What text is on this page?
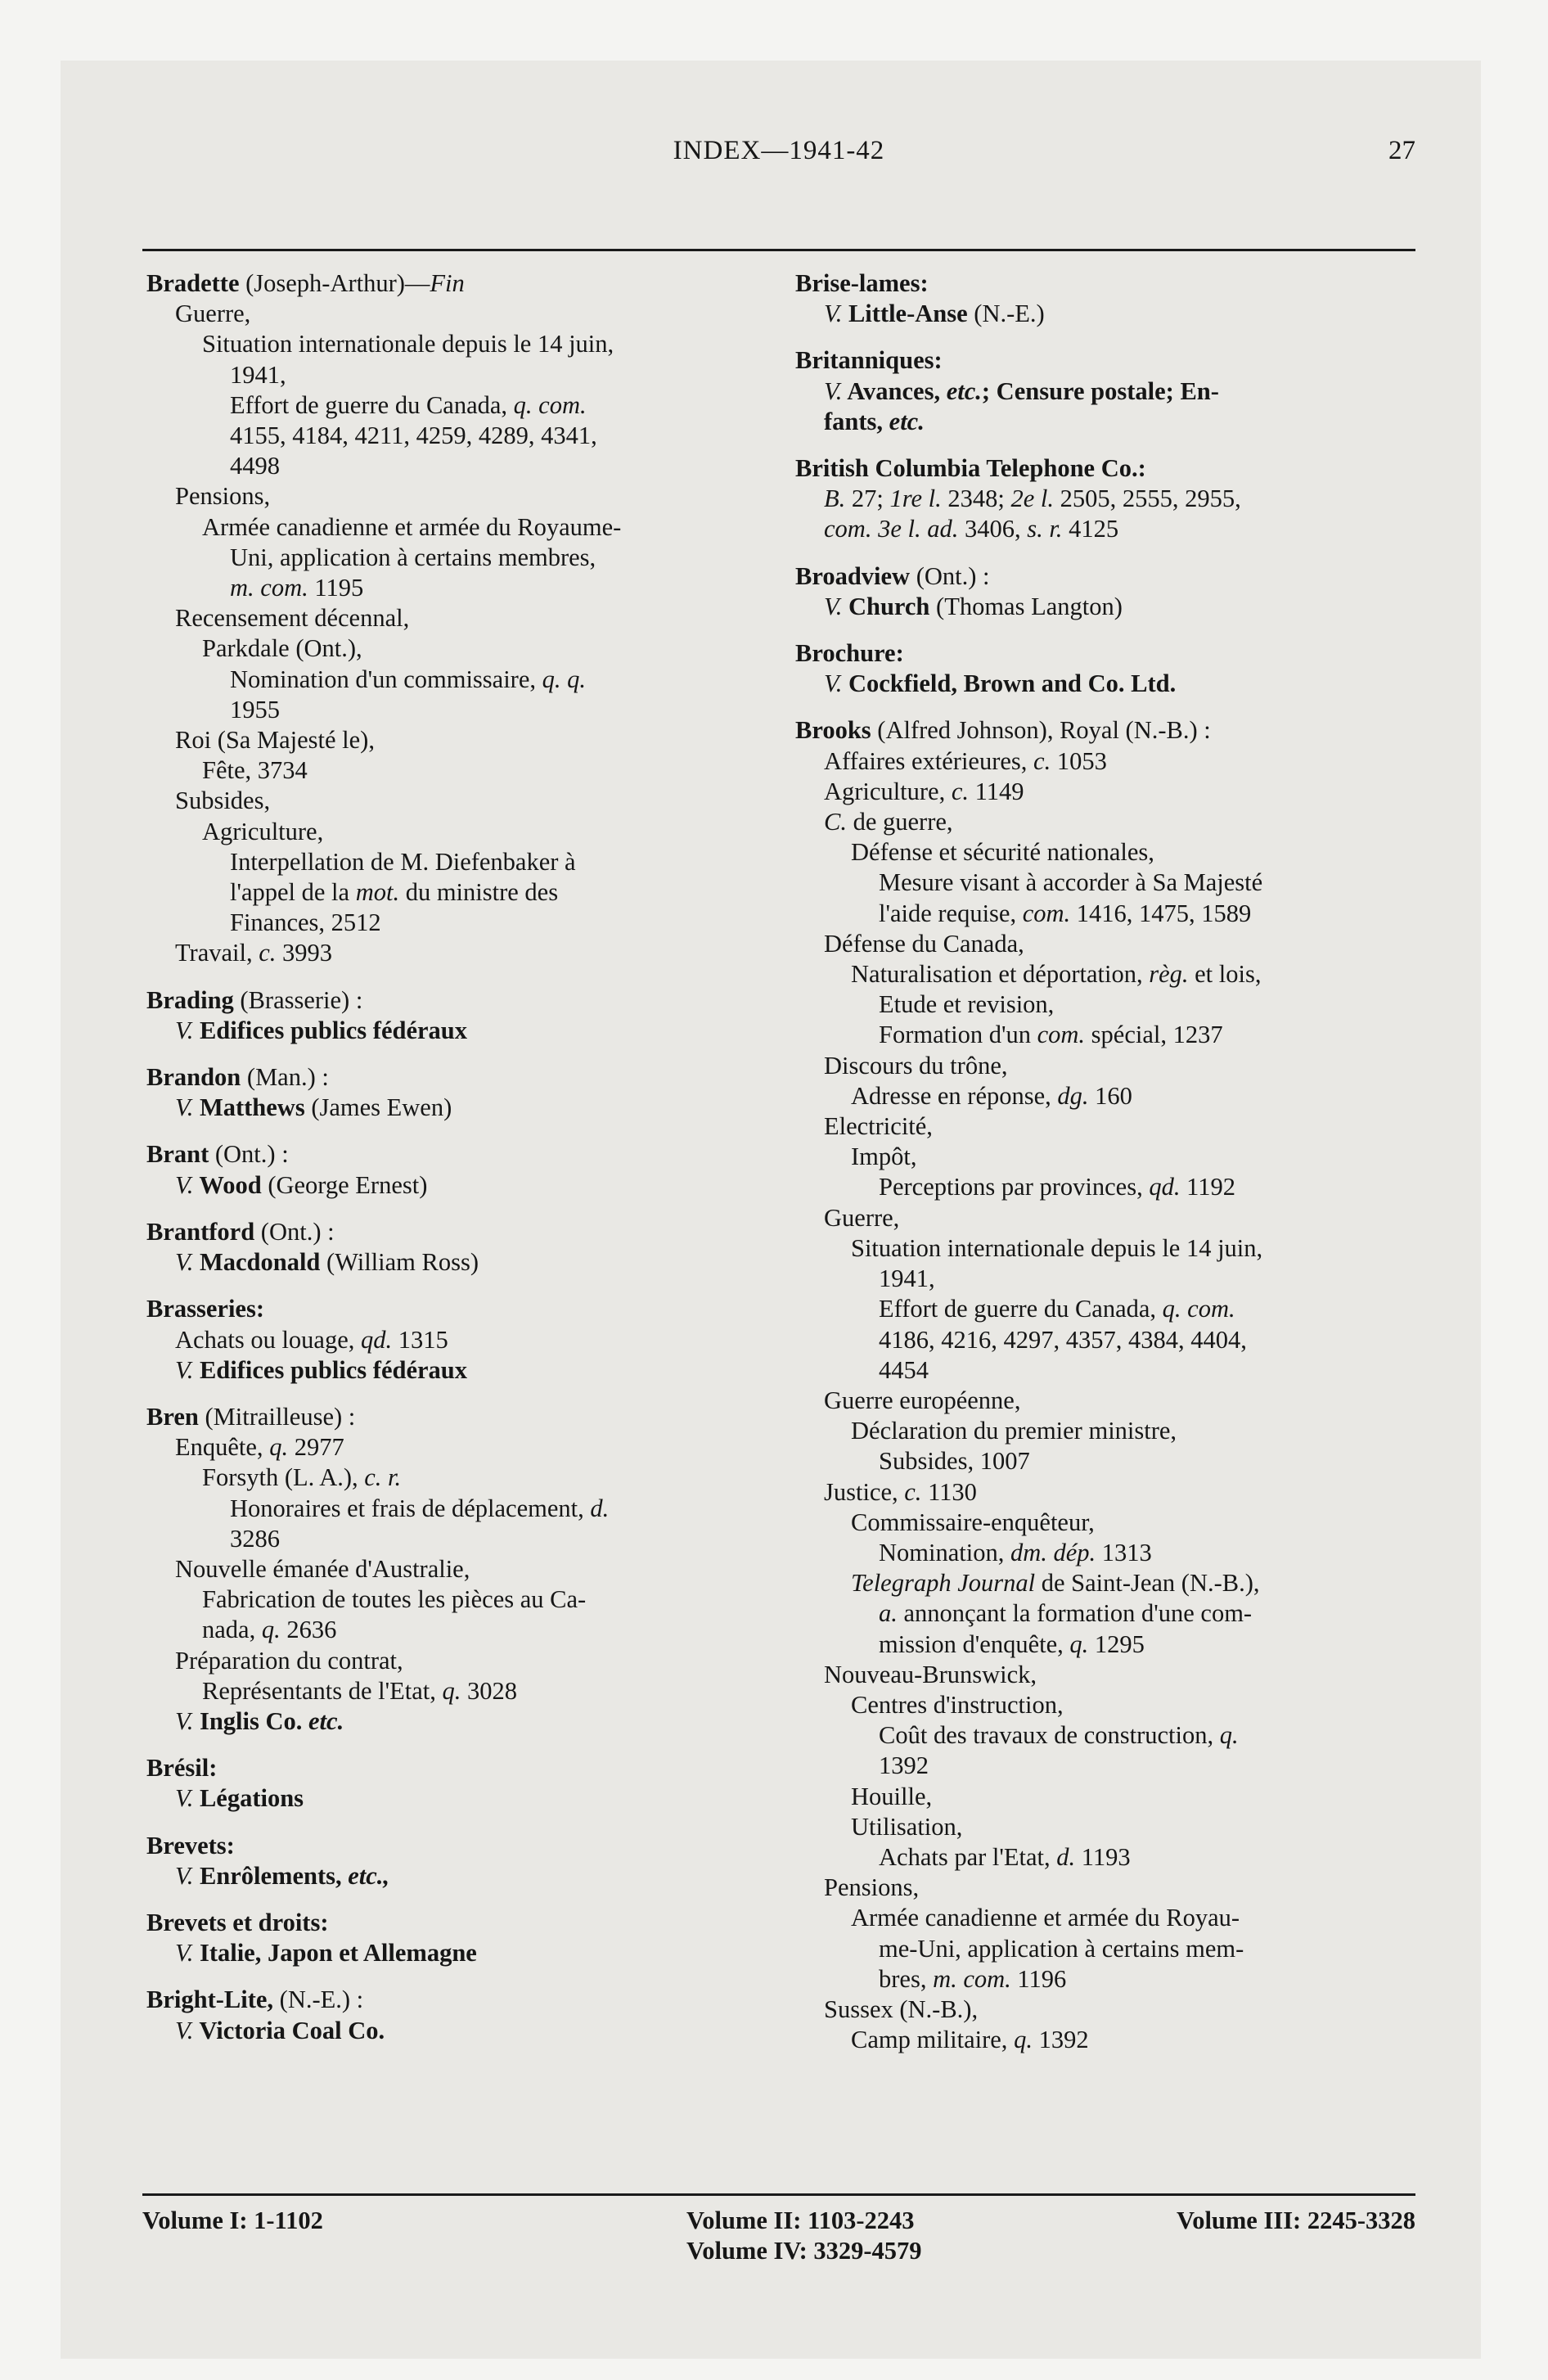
INDEX—1941-42	27
Bradette (Joseph-Arthur)—Fin
Guerre,
Situation internationale depuis le 14 juin,
1941,
Effort de guerre du Canada, q. com.
4155, 4184, 4211, 4259, 4289, 4341,
4498
Pensions,
Armée canadienne et armée du Royaume-
Uni, application à certains membres,
m. com. 1195
Recensement décennal,
Parkdale (Ont.),
Nomination d'un commissaire, q. q.
1955
Roi (Sa Majesté le),
Fête, 3734
Subsides,
Agriculture,
Interpellation de M. Diefenbaker à
l'appel de la mot. du ministre des
Finances, 2512
Travail, c. 3993
Brading (Brasserie) :
V. Edifices publics fédéraux
Brandon (Man.) :
V. Matthews (James Ewen)
Brant (Ont.) :
V. Wood (George Ernest)
Brantford (Ont.) :
V. Macdonald (William Ross)
Brasseries:
Achats ou louage, qd. 1315
V. Edifices publics fédéraux
Bren (Mitrailleuse) :
Enquête, q. 2977
Forsyth (L. A.), c. r.
Honoraires et frais de déplacement, d.
3286
Nouvelle émanée d'Australie,
Fabrication de toutes les pièces au Ca-
nada, q. 2636
Préparation du contrat,
Représentants de l'Etat, q. 3028
V. Inglis Co. etc.
Brésil:
V. Légations
Brevets:
V. Enrôlements, etc.,
Brevets et droits:
V. Italie, Japon et Allemagne
Bright-Lite, (N.-E.) :
V. Victoria Coal Co.
Brise-lames:
V. Little-Anse (N.-E.)
Britanniques:
V. Avances, etc.; Censure postale; En-
fants, etc.
British Columbia Telephone Co.:
B. 27; 1re l. 2348; 2e l. 2505, 2555, 2955,
com. 3e l. ad. 3406, s. r. 4125
Broadview (Ont.) :
V. Church (Thomas Langton)
Brochure:
V. Cockfield, Brown and Co. Ltd.
Brooks (Alfred Johnson), Royal (N.-B.) :
Affaires extérieures, c. 1053
Agriculture, c. 1149
C. de guerre,
Défense et sécurité nationales,
Mesure visant à accorder à Sa Majesté
l'aide requise, com. 1416, 1475, 1589
Défense du Canada,
Naturalisation et déportation, règ. et lois,
Etude et revision,
Formation d'un com. spécial, 1237
Discours du trône,
Adresse en réponse, dg. 160
Electricité,
Impôt,
Perceptions par provinces, qd. 1192
Guerre,
Situation internationale depuis le 14 juin,
1941,
Effort de guerre du Canada, q. com.
4186, 4216, 4297, 4357, 4384, 4404,
4454
Guerre européenne,
Déclaration du premier ministre,
Subsides, 1007
Justice, c. 1130
Commissaire-enquêteur,
Nomination, dm. dép. 1313
Telegraph Journal de Saint-Jean (N.-B.),
a. annonçant la formation d'une com-
mission d'enquête, q. 1295
Nouveau-Brunswick,
Centres d'instruction,
Coût des travaux de construction, q.
1392
Houille,
Utilisation,
Achats par l'Etat, d. 1193
Pensions,
Armée canadienne et armée du Royau-
me-Uni, application à certains mem-
bres, m. com. 1196
Sussex (N.-B.),
Camp militaire, q. 1392
Volume I: 1-1102	Volume II: 1103-2243	Volume III: 2245-3328
Volume IV: 3329-4579
